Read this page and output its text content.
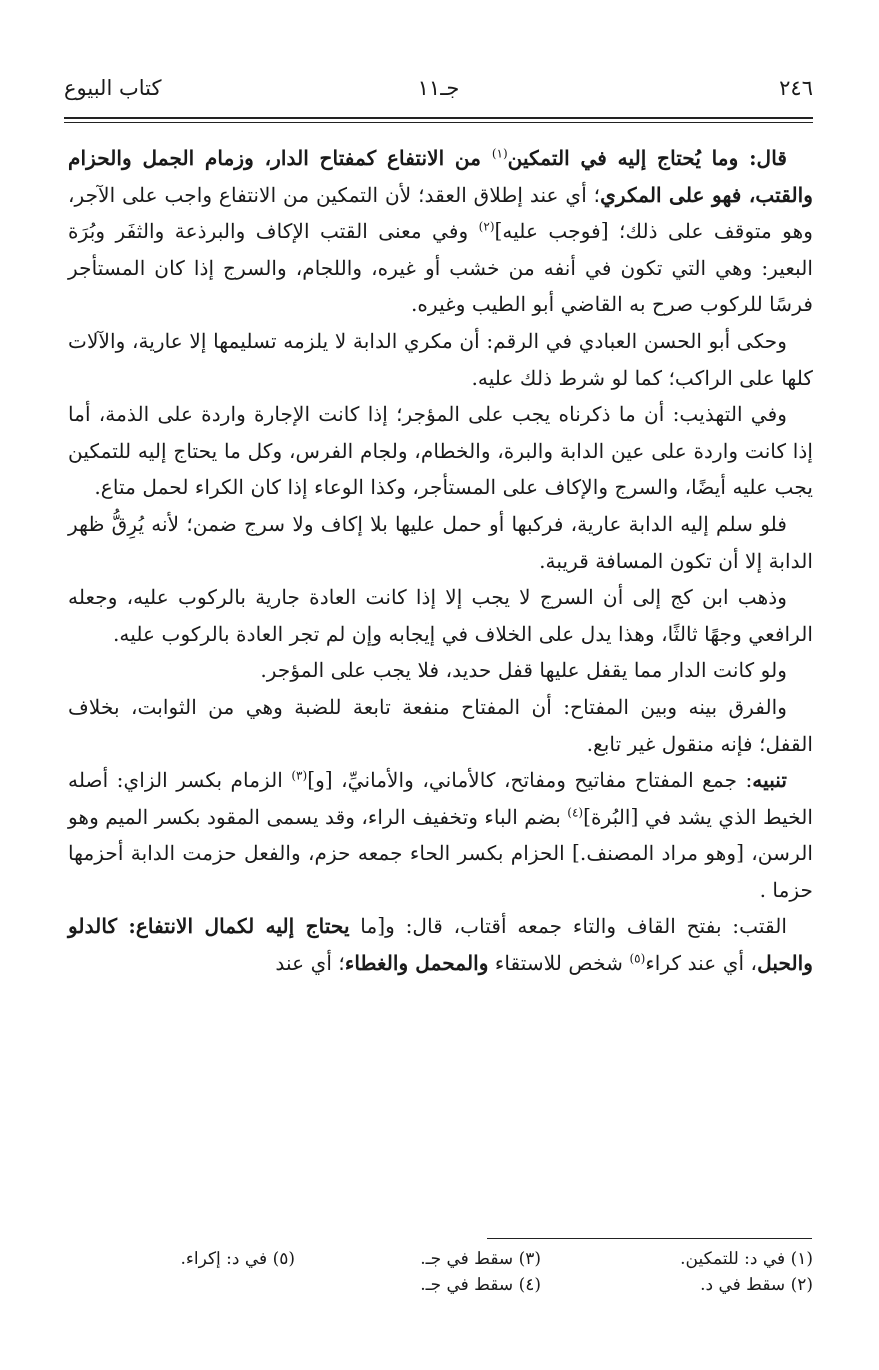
٢٤٦
جـ١١
كتاب البيوع

قال: وما يُحتاج إليه في التمكين$^{(١)}$ من الانتفاع كمفتاح الدار، وزمام الجمل والحزام والقتب، فهو على المكري؛ أي عند إطلاق العقد؛ لأن التمكين من الانتفاع واجب على الآجر، وهو متوقف على ذلك؛ [فوجب عليه]$^{(٢)}$ وفي معنى القتب الإكاف والبرذعة والثفَر وبُرَة البعير: وهي التي تكون في أنفه من خشب أو غيره، واللجام، والسرج إذا كان المستأجر فرسًا للركوب صرح به القاضي أبو الطيب وغيره.

وحكى أبو الحسن العبادي في الرقم: أن مكري الدابة لا يلزمه تسليمها إلا عارية، والآلات كلها على الراكب؛ كما لو شرط ذلك عليه.

وفي التهذيب: أن ما ذكرناه يجب على المؤجر؛ إذا كانت الإجارة واردة على الذمة، أما إذا كانت واردة على عين الدابة والبرة، والخطام، ولجام الفرس، وكل ما يحتاج إليه للتمكين يجب عليه أيضًا، والسرج والإكاف على المستأجر، وكذا الوعاء إذا كان الكراء لحمل متاع.

فلو سلم إليه الدابة عارية، فركبها أو حمل عليها بلا إكاف ولا سرج ضمن؛ لأنه يُرِقُّ ظهر الدابة إلا أن تكون المسافة قريبة.

وذهب ابن كج إلى أن السرج لا يجب إلا إذا كانت العادة جارية بالركوب عليه، وجعله الرافعي وجهًا ثالثًا، وهذا يدل على الخلاف في إيجابه وإن لم تجر العادة بالركوب عليه.

ولو كانت الدار مما يقفل عليها قفل حديد، فلا يجب على المؤجر.

والفرق بينه وبين المفتاح: أن المفتاح منفعة تابعة للضبة وهي من الثوابت، بخلاف القفل؛ فإنه منقول غير تابع.

تنبيه: جمع المفتاح مفاتيح ومفاتح، كالأماني، والأمانيِّ، [و]$^{(٣)}$ الزمام بكسر الزاي: أصله الخيط الذي يشد في [البُرة]$^{(٤)}$ بضم الباء وتخفيف الراء، وقد يسمى المقود بكسر الميم وهو الرسن، [وهو مراد المصنف.] الحزام بكسر الحاء جمعه حزم، والفعل حزمت الدابة أحزمها حزما .

القتب: بفتح القاف والتاء جمعه أقتاب، قال: و[ما يحتاج إليه لكمال الانتفاع: كالدلو والحبل، أي عند كراء$^{(٥)}$ شخص للاستقاء والمحمل والغطاء؛ أي عند

(١) في د: للتمكين.
(٣) سقط في جـ.
(٥) في د: إكراء.
(٢) سقط في د.
(٤) سقط في جـ.
